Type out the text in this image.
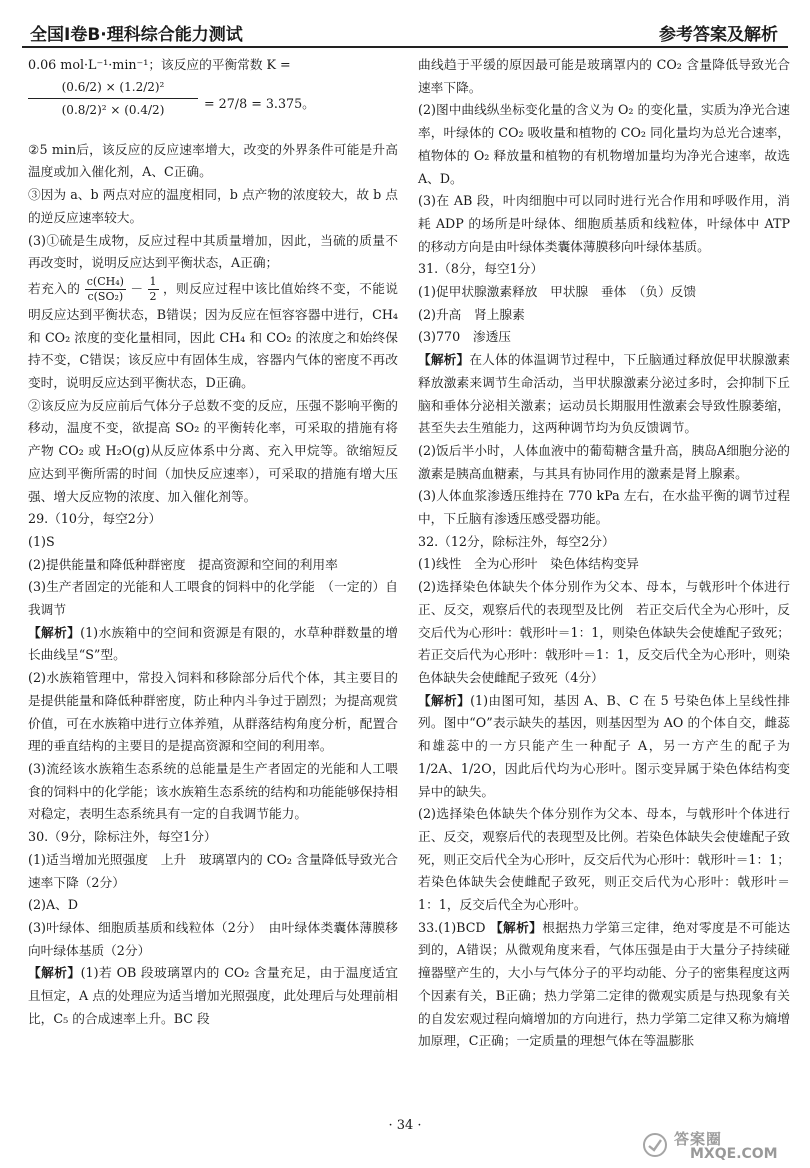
全国Ⅰ卷B·理科综合能力测试	参考答案及解析

0.06 mol·L⁻¹·min⁻¹；该反应的平衡常数 K =

(0.6/2) × (1.2/2)²
(0.8/2)² × (0.4/2)	= 27/8 = 3.375。

②5 min后，该反应的反应速率增大，改变的外界条件可能是升高温度或加入催化剂，A、C正确。

③因为 a、b 两点对应的温度相同，b 点产物的浓度较大，故 b 点的逆反应速率较大。

(3)①硫是生成物，反应过程中其质量增加，因此，当硫的质量不再改变时，说明反应达到平衡状态，A正确；

若充入的 $\frac{\text{c(CH₄)}}{\text{c(SO₂)}} - \frac{1}{2}$ ，则反应过程中该比值始终不变，不能说明反应达到平衡状态，B错误；因为反应在恒容容器中进行，CH₄ 和 CO₂ 浓度的变化量相同，因此 CH₄ 和 CO₂ 的浓度之和始终保持不变，C错误；该反应中有固体生成，容器内气体的密度不再改变时，说明反应达到平衡状态，D正确。

②该反应为反应前后气体分子总数不变的反应，压强不影响平衡的移动，温度不变，欲提高 SO₂ 的平衡转化率，可采取的措施有将产物 CO₂ 或 H₂O(g)从反应体系中分离、充入甲烷等。欲缩短反应达到平衡所需的时间（加快反应速率），可采取的措施有增大压强、增大反应物的浓度、加入催化剂等。

29.（10分，每空2分）

(1)S

(2)提供能量和降低种群密度　提高资源和空间的利用率

(3)生产者固定的光能和人工喂食的饲料中的化学能　（一定的）自我调节

【解析】(1)水族箱中的空间和资源是有限的，水草种群数量的增长曲线呈“S”型。

(2)水族箱管理中，常投入饲料和移除部分后代个体，其主要目的是提供能量和降低种群密度，防止种内斗争过于剧烈；为提高观赏价值，可在水族箱中进行立体养殖，从群落结构角度分析，配置合理的垂直结构的主要目的是提高资源和空间的利用率。

(3)流经该水族箱生态系统的总能量是生产者固定的光能和人工喂食的饲料中的化学能；该水族箱生态系统的结构和功能能够保持相对稳定，表明生态系统具有一定的自我调节能力。

30.（9分，除标注外，每空1分）

(1)适当增加光照强度　上升　玻璃罩内的 CO₂ 含量降低导致光合速率下降（2分）

(2)A、D

(3)叶绿体、细胞质基质和线粒体（2分）　由叶绿体类囊体薄膜移向叶绿体基质（2分）

【解析】(1)若 OB 段玻璃罩内的 CO₂ 含量充足，由于温度适宜且恒定，A 点的处理应为适当增加光照强度，此处理后与处理前相比，C₅ 的合成速率上升。BC 段

曲线趋于平缓的原因最可能是玻璃罩内的 CO₂ 含量降低导致光合速率下降。

(2)图中曲线纵坐标变化量的含义为 O₂ 的变化量，实质为净光合速率，叶绿体的 CO₂ 吸收量和植物的 CO₂ 同化量均为总光合速率，植物体的 O₂ 释放量和植物的有机物增加量均为净光合速率，故选 A、D。

(3)在 AB 段，叶肉细胞中可以同时进行光合作用和呼吸作用，消耗 ADP 的场所是叶绿体、细胞质基质和线粒体，叶绿体中 ATP 的移动方向是由叶绿体类囊体薄膜移向叶绿体基质。

31.（8分，每空1分）

(1)促甲状腺激素释放　甲状腺　垂体　（负）反馈

(2)升高　肾上腺素

(3)770　渗透压

【解析】在人体的体温调节过程中，下丘脑通过释放促甲状腺激素释放激素来调节生命活动，当甲状腺激素分泌过多时，会抑制下丘脑和垂体分泌相关激素；运动员长期服用性激素会导致性腺萎缩，甚至失去生殖能力，这两种调节均为负反馈调节。

(2)饭后半小时，人体血液中的葡萄糖含量升高，胰岛A细胞分泌的激素是胰高血糖素，与其具有协同作用的激素是肾上腺素。

(3)人体血浆渗透压维持在 770 kPa 左右，在水盐平衡的调节过程中，下丘脑有渗透压感受器功能。

32.（12分，除标注外，每空2分）

(1)线性　全为心形叶　染色体结构变异

(2)选择染色体缺失个体分别作为父本、母本，与戟形叶个体进行正、反交，观察后代的表现型及比例　若正交后代全为心形叶，反交后代为心形叶：戟形叶＝1：1，则染色体缺失会使雄配子致死；若正交后代为心形叶：戟形叶＝1：1，反交后代全为心形叶，则染色体缺失会使雌配子致死（4分）

【解析】(1)由图可知，基因 A、B、C 在 5 号染色体上呈线性排列。图中“O”表示缺失的基因，则基因型为 AO 的个体自交，雌蕊和雄蕊中的一方只能产生一种配子 A，另一方产生的配子为 1/2A、1/2O，因此后代均为心形叶。图示变异属于染色体结构变异中的缺失。

(2)选择染色体缺失个体分别作为父本、母本，与戟形叶个体进行正、反交，观察后代的表现型及比例。若染色体缺失会使雄配子致死，则正交后代全为心形叶，反交后代为心形叶：戟形叶＝1：1；若染色体缺失会使雌配子致死，则正交后代为心形叶：戟形叶＝1：1，反交后代全为心形叶。

33.(1)BCD 【解析】根据热力学第三定律，绝对零度是不可能达到的，A错误；从微观角度来看，气体压强是由于大量分子持续碰撞器壁产生的，大小与气体分子的平均动能、分子的密集程度这两个因素有关，B正确；热力学第二定律的微观实质是与热现象有关的自发宏观过程向熵增加的方向进行，热力学第二定律又称为熵增加原理，C正确；一定质量的理想气体在等温膨胀

· 34 ·
答案圈
MXQE.COM
